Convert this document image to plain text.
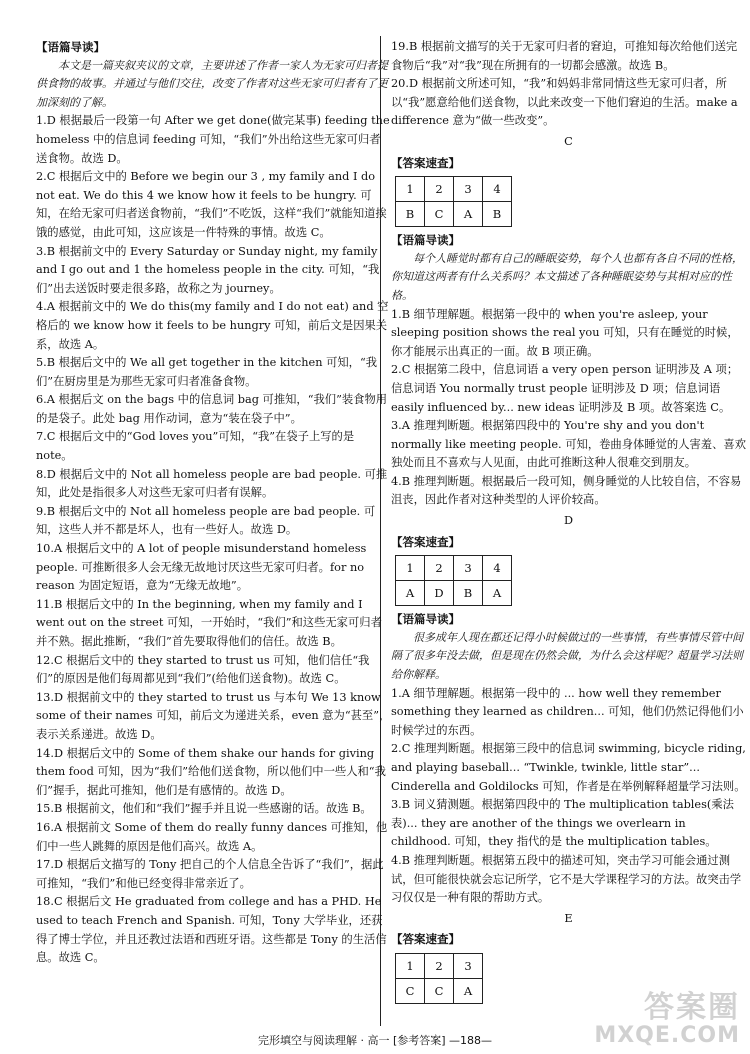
【语篇导读】

本文是一篇夹叙夹议的文章，主要讲述了作者一家人为无家可归者提供食物的故事。并通过与他们交往，改变了作者对这些无家可归者有了更加深刻的了解。

1.D 根据最后一段第一句 After we get done(做完某事) feeding the homeless 中的信息词 feeding 可知，“我们”外出给这些无家可归者送食物。故选 D。

2.C 根据后文中的 Before we begin our 3 , my family and I do not eat. We do this 4 we know how it feels to be hungry. 可知，在给无家可归者送食物前，“我们”不吃饭，这样“我们”就能知道挨饿的感觉，由此可知，这应该是一件特殊的事情。故选 C。

3.B 根据前文中的 Every Saturday or Sunday night, my family and I go out and 1 the homeless people in the city. 可知，“我们”出去送饭时要走很多路，故称之为 journey。

4.A 根据前文中的 We do this(my family and I do not eat) and 空格后的 we know how it feels to be hungry 可知，前后文是因果关系，故选 A。

5.B 根据后文中的 We all get together in the kitchen 可知，“我们”在厨房里是为那些无家可归者准备食物。

6.A 根据后文 on the bags 中的信息词 bag 可推知，“我们”装食物用的是袋子。此处 bag 用作动词，意为“装在袋子中”。

7.C 根据后文中的“God loves you”可知，“我”在袋子上写的是 note。

8.D 根据后文中的 Not all homeless people are bad people. 可推知，此处是指很多人对这些无家可归者有误解。

9.B 根据后文中的 Not all homeless people are bad people. 可知，这些人并不都是坏人，也有一些好人。故选 D。

10.A 根据后文中的 A lot of people misunderstand homeless people. 可推断很多人会无缘无故地讨厌这些无家可归者。for no reason 为固定短语，意为“无缘无故地”。

11.B 根据后文中的 In the beginning, when my family and I went out on the street 可知，一开始时，“我们”和这些无家可归者并不熟。据此推断，“我们”首先要取得他们的信任。故选 B。

12.C 根据后文中的 they started to trust us 可知，他们信任“我们”的原因是他们每周都见到“我们”(给他们送食物)。故选 C。

13.D 根据前文中的 they started to trust us 与本句 We 13 know some of their names 可知，前后文为递进关系，even 意为“甚至”，表示关系递进。故选 D。

14.D 根据后文中的 Some of them shake our hands for giving them food 可知，因为“我们”给他们送食物，所以他们中一些人和“我们”握手，据此可推知，他们是有感情的。故选 D。

15.B 根据前文，他们和“我们”握手并且说一些感谢的话。故选 B。

16.A 根据前文 Some of them do really funny dances 可推知，他们中一些人跳舞的原因是他们高兴。故选 A。

17.D 根据后文描写的 Tony 把自己的个人信息全告诉了“我们”，据此可推知，“我们”和他已经变得非常亲近了。

18.C 根据后文 He graduated from college and has a PHD. He used to teach French and Spanish. 可知，Tony 大学毕业，还获得了博士学位，并且还教过法语和西班牙语。这些都是 Tony 的生活信息。故选 C。

19.B 根据前文描写的关于无家可归者的窘迫，可推知每次给他们送完食物后“我”对“我”现在所拥有的一切都会感激。故选 B。

20.D 根据前文所述可知，“我”和妈妈非常同情这些无家可归者，所以“我”愿意给他们送食物，以此来改变一下他们窘迫的生活。make a difference 意为“做一些改变”。

C

【答案速查】

1	2	3	4
B	C	A	B

【语篇导读】

每个人睡觉时都有自己的睡眠姿势，每个人也都有各自不同的性格，你知道这两者有什么关系吗？本文描述了各种睡眠姿势与其相对应的性格。

1.B 细节理解题。根据第一段中的 when you're asleep, your sleeping position shows the real you 可知，只有在睡觉的时候，你才能展示出真正的一面。故 B 项正确。

2.C 根据第二段中，信息词语 a very open person 证明涉及 A 项；信息词语 You normally trust people 证明涉及 D 项；信息词语 easily influenced by... new ideas 证明涉及 B 项。故答案选 C。

3.A 推理判断题。根据第四段中的 You're shy and you don't normally like meeting people. 可知，卷曲身体睡觉的人害羞、喜欢独处而且不喜欢与人见面，由此可推断这种人很难交到朋友。

4.B 推理判断题。根据最后一段可知，侧身睡觉的人比较自信，不容易沮丧，因此作者对这种类型的人评价较高。

D

【答案速查】

1	2	3	4
A	D	B	A

【语篇导读】

很多成年人现在都还记得小时候做过的一些事情，有些事情尽管中间隔了很多年没去做，但是现在仍然会做，为什么会这样呢？超量学习法则给你解释。

1.A 细节理解题。根据第一段中的 ... how well they remember something they learned as children... 可知，他们仍然记得他们小时候学过的东西。

2.C 推理判断题。根据第三段中的信息词 swimming, bicycle riding, and playing baseball... “Twinkle, twinkle, little star”... Cinderella and Goldilocks 可知，作者是在举例解释超量学习法则。

3.B 词义猜测题。根据第四段中的 The multiplication tables(乘法表)... they are another of the things we overlearn in childhood. 可知，they 指代的是 the multiplication tables。

4.B 推理判断题。根据第五段中的描述可知，突击学习可能会通过测试，但可能很快就会忘记所学，它不是大学课程学习的方法。故突击学习仅仅是一种有限的帮助方式。

E

【答案速查】

1	2	3
C	C	A
完形填空与阅读理解 · 高一 [参考答案] —188—
答案圈
MXQE.COM
